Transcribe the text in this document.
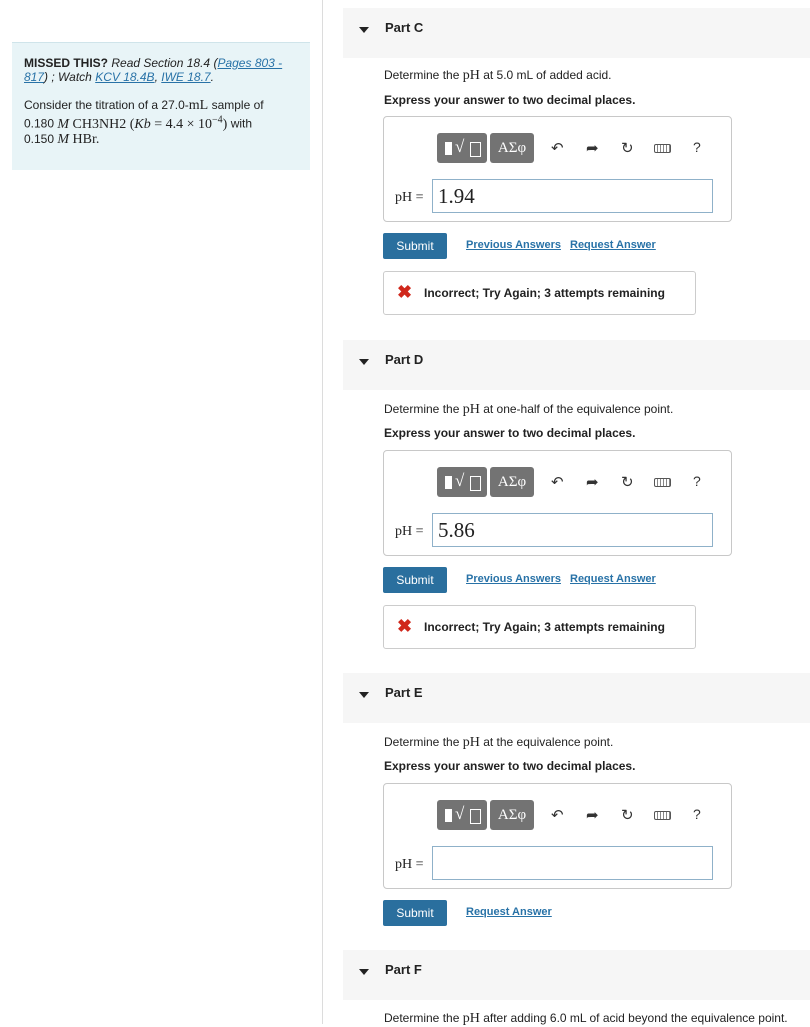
MISSED THIS? Read Section 18.4 (Pages 803 - 817) ; Watch KCV 18.4B, IWE 18.7.
Consider the titration of a 27.0-mL sample of
0.180 M CH3NH2 $(Kb = 4.4 \times 10^{-4})$ with
0.150 M HBr.
Part C
Determine the pH at 5.0 mL of added acid.
Express your answer to two decimal places.
√	ΑΣφ	↶ ➦ ↻	?
pH = 1.94
Submit	Previous Answers Request Answer
✖ Incorrect; Try Again; 3 attempts remaining
Part D
Determine the pH at one-half of the equivalence point.
Express your answer to two decimal places.
√	ΑΣφ	↶ ➦ ↻	?
pH = 5.86
Submit	Previous Answers Request Answer
✖ Incorrect; Try Again; 3 attempts remaining
Part E
Determine the pH at the equivalence point.
Express your answer to two decimal places.
√	ΑΣφ	↶ ➦ ↻	?
pH =
Submit	Request Answer
Part F
Determine the pH after adding 6.0 mL of acid beyond the equivalence point.
